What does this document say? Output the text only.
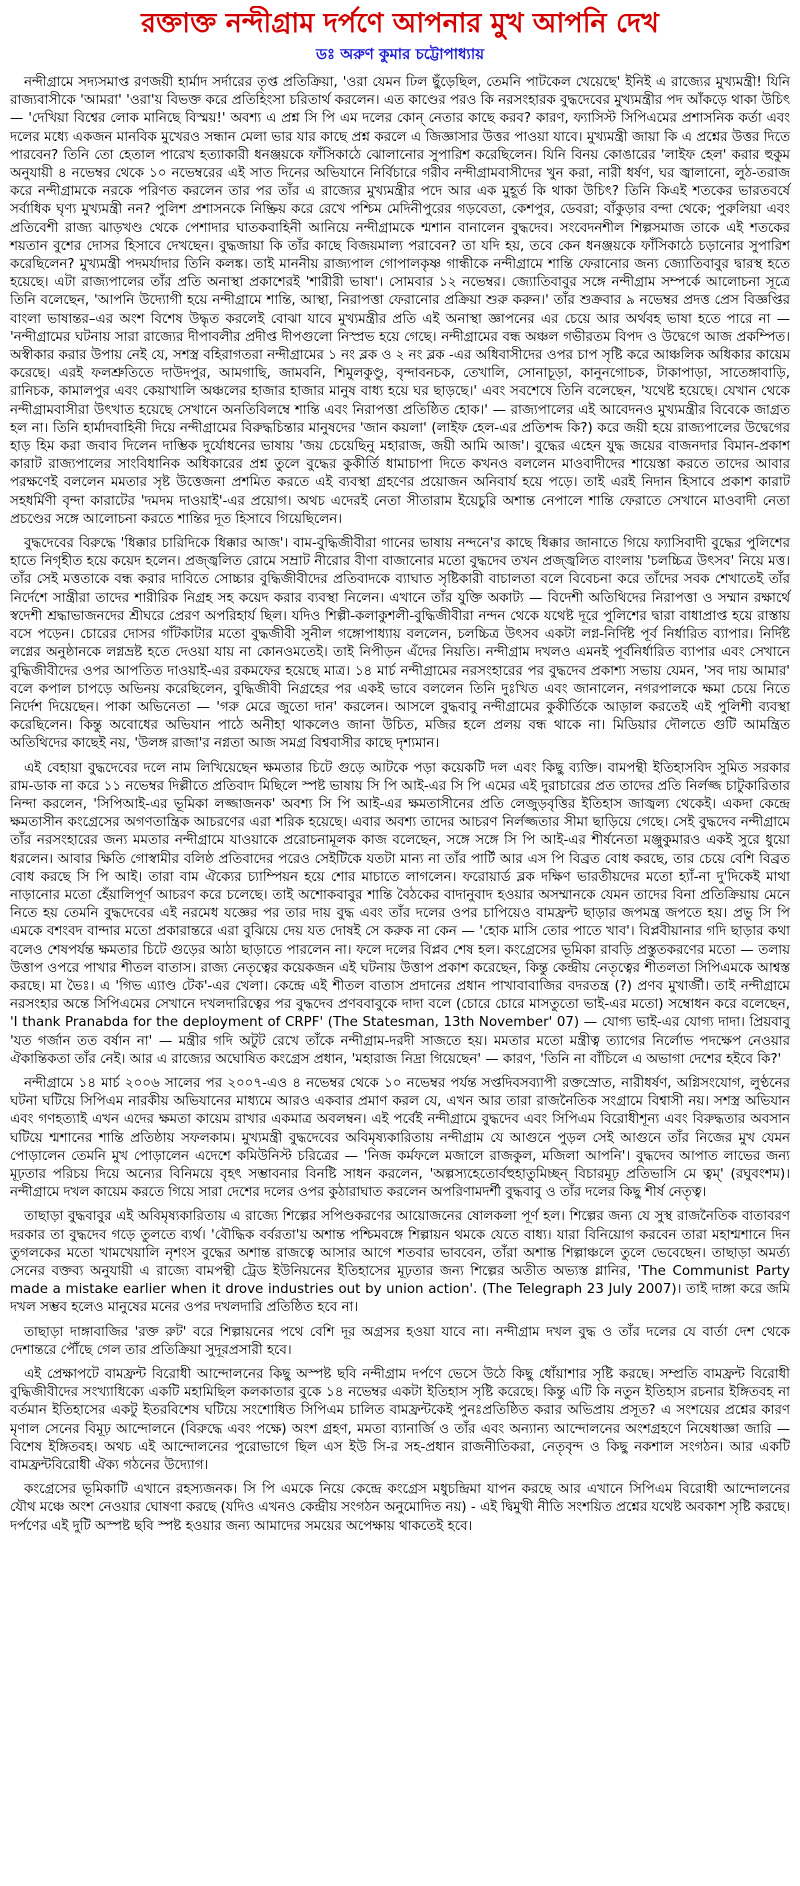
রক্তাক্ত নন্দীগ্রাম দর্পণে আপনার মুখ আপনি দেখ
ডঃ অরুণ কুমার চট্টোপাধ্যায়

নন্দীগ্রামে সদ্যসমাপ্ত রণজয়ী হার্মাদ সর্দারের তৃপ্ত প্রতিক্রিয়া, 'ওরা যেমন ঢিল ছুঁড়েছিল, তেমনি পাটকেল খেয়েছে' ইনিই এ রাজ্যের মুখ্যমন্ত্রী! যিনি রাজ্যবাসীকে 'আমরা' 'ওরা'য় বিভক্ত করে প্রতিহিংসা চরিতার্থ করলেন। এত কাণ্ডের পরও কি নরসংহারক বুদ্ধদেবের মুখ্যমন্ত্রীর পদ আঁকড়ে থাকা উচিৎ — 'দেখিয়া বিশ্বের লোক মানিছে বিস্ময়!' অবশ্য এ প্রশ্ন সি পি এম দলের কোন্ নেতার কাছে করব? কারণ, ফ্যাসিস্ট সিপিএমের প্রশাসনিক কর্তা এবং দলের মধ্যে একজন মানবিক মুখেরও সন্ধান মেলা ভার যার কাছে প্রশ্ন করলে এ জিজ্ঞাসার উত্তর পাওয়া যাবে। মুখ্যমন্ত্রী জায়া কি এ প্রশ্নের উত্তর দিতে পারবেন? তিনি তো হেতাল পারেখ হত্যাকারী ধনঞ্জয়কে ফাঁসিকাঠে ঝোলানোর সুপারিশ করেছিলেন। যিনি বিনয় কোঙারের 'লাইফ হেল' করার হুকুম অনুযায়ী ৪ নভেম্বর থেকে ১০ নভেম্বরের এই সাত দিনের অভিযানে নির্বিচারে গরীব নন্দীগ্রামবাসীদের খুন করা, নারী ধর্ষণ, ঘর জ্বালানো, লুঠ-তরাজ করে নন্দীগ্রামকে নরকে পরিণত করলেন তার পর তাঁর এ রাজ্যের মুখ্যমন্ত্রীর পদে আর এক মুহূর্ত কি থাকা উচিৎ? তিনি কিএই শতকের ভারতবর্ষে সর্বাধিক ঘৃণ্য মুখ্যমন্ত্রী নন? পুলিশ প্রশাসনকে নিষ্ক্রিয় করে রেখে পশ্চিম মেদিনীপুরের গড়বেতা, কেশপুর, ডেবরা; বাঁকুড়ার বন্দা থেকে; পুরুলিয়া এবং প্রতিবেশী রাজ্য ঝাড়খণ্ড থেকে পেশাদার ঘাতকবাহিনী আনিয়ে নন্দীগ্রামকে শ্মশান বানালেন বুদ্ধদেব। সংবেদনশীল শিল্পসমাজ তাকে এই শতকের শয়তান বুশের দোসর হিসাবে দেখছেন। বুদ্ধজায়া কি তাঁর কাছে বিজয়মাল্য পরাবেন? তা যদি হয়, তবে কেন ধনঞ্জয়কে ফাঁসিকাঠে চড়ানোর সুপারিশ করেছিলেন? মুখ্যমন্ত্রী পদমর্যাদার তিনি কলঙ্ক। তাই মাননীয় রাজ্যপাল গোপালকৃষ্ণ গান্ধীকে নন্দীগ্রামে শান্তি ফেরানোর জন্য জ্যোতিবাবুর দ্বারস্থ হতে হয়েছে। এটা রাজ্যপালের তাঁর প্রতি অনাস্থা প্রকাশেরই 'শারীরী ভাষা'। সোমবার ১২ নভেম্বর। জ্যোতিবাবুর সঙ্গে নন্দীগ্রাম সম্পর্কে আলোচনা সূত্রে তিনি বলেছেন, 'আপনি উদ্যোগী হয়ে নন্দীগ্রামে শান্তি, আস্থা, নিরাপত্তা ফেরানোর প্রক্রিয়া শুরু করুন।' তাঁর শুক্রবার ৯ নভেম্বর প্রদত্ত প্রেস বিজ্ঞপ্তির বাংলা ভাষান্তর–এর অংশ বিশেষ উদ্ধৃত করলেই বোঝা যাবে মুখ্যমন্ত্রীর প্রতি এই অনাস্থা জ্ঞাপনের এর চেয়ে আর অর্থবহ ভাষা হতে পারে না — 'নন্দীগ্রামের ঘটনায় সারা রাজ্যের দীপাবলীর প্রদীপ্ত দীপগুলো নিস্প্রভ হয়ে গেছে। নন্দীগ্রামের বন্ধ অঞ্চল গভীরতম বিপদ ও উদ্বেগে আজ প্রকম্পিত। অস্বীকার করার উপায় নেই যে, সশস্ত্র বহিরাগতরা নন্দীগ্রামের ১ নং ব্লক ও ২ নং ব্লক -এর অধিবাসীদের ওপর চাপ সৃষ্টি করে আঞ্চলিক অধিকার কায়েম করেছে। এরই ফলশ্রুতিতে দাউদপুর, আমগাছি, জামবনি, শিমুলকুণ্ডু, বৃন্দাবনচক, তেখালি, সোনাচূড়া, কানুনগোচক, টাকাপাড়া, সাতেঙ্গাবাড়ি, রানিচক, কামালপুর এবং কেয়াখালি অঞ্চলের হাজার হাজার মানুষ বাধ্য হয়ে ঘর ছাড়ছে।' এবং সবশেষে তিনি বলেছেন, 'যথেষ্ট হয়েছে। যেখান থেকে নন্দীগ্রামবাসীরা উৎখাত হয়েছে সেখানে অনতিবিলম্বে শান্তি এবং নিরাপত্তা প্রতিষ্ঠিত হোক।' — রাজ্যপালের এই আবেদনও মুখ্যমন্ত্রীর বিবেকে জাগ্রত হল না। তিনি হার্মাদবাহিনী দিয়ে নন্দীগ্রামের বিরুদ্ধচিন্তার মানুষদের 'জান কয়লা' (লাইফ হেল-এর প্রতিশব্দ কি?) করে জয়ী হয়ে রাজ্যপালের উদ্বেগের হাড় হিম করা জবাব দিলেন দাম্ভিক দুর্যোধনের ভাষায় 'জয় চেয়েছিনু মহারাজ, জয়ী আমি আজ'। বুদ্ধের এহেন যুদ্ধ জয়ের বাজনদার বিমান-প্রকাশ কারাট রাজ্যপালের সাংবিধানিক অধিকারের প্রশ্ন তুলে বুদ্ধের কুকীর্তি ধামাচাপা দিতে কখনও বললেন মাওবাদীদের শায়েস্তা করতে তাদের আবার পরক্ষণেই বললেন মমতার সৃষ্ট উত্তেজনা প্রশমিত করতে এই ব্যবস্থা গ্রহণের প্রয়োজন অনিবার্য হয়ে পড়ে। তাই এরই নিদান হিসাবে প্রকাশ কারাট সহধর্মিণী বৃন্দা কারাটের 'দমদম দাওয়াই'-এর প্রয়োগ। অথচ এদেরই নেতা সীতারাম ইয়েচুরি অশান্ত নেপালে শান্তি ফেরাতে সেখানে মাওবাদী নেতা প্রচণ্ডের সঙ্গে আলোচনা করতে শান্তির দূত হিসাবে গিয়েছিলেন।

বুদ্ধদেবের বিরুদ্ধে 'ধিক্কার চারিদিকে ধিক্কার আজ'। বাম-বুদ্ধিজীবীরা গানের ভাষায় নন্দনে'র কাছে ধিক্কার জানাতে গিয়ে ফ্যাসিবাদী বুদ্ধের পুলিশের হাতে নিগৃহীত হয়ে কয়েদ হলেন। প্রজ্জ্বলিত রোমে সম্রাট নীরোর বীণা বাজানোর মতো বুদ্ধদেব তখন প্রজ্জ্বলিত বাংলায় 'চলচ্চিত্র উৎসব' নিয়ে মত্ত। তাঁর সেই মত্ততাকে বন্ধ করার দাবিতে সোচ্চার বুদ্ধিজীবীদের প্রতিবাদকে ব্যাঘাত সৃষ্টিকারী বাচালতা বলে বিবেচনা করে তাঁদের সবক শেখাতেই তাঁর নির্দেশে সান্ত্রীরা তাদের শারীরিক নিগ্রহ সহ কয়েদ করার ব্যবস্থা নিলেন। এখানে তাঁর যুক্তি অকাট্য — বিদেশী অতিথিদের নিরাপত্তা ও সম্মান রক্ষার্থে স্বদেশী শ্রদ্ধাভাজনদের শ্রীঘরে প্রেরণ অপরিহার্য ছিল। যদিও শিল্পী-কলাকুশলী-বুদ্ধিজীবীরা নন্দন থেকে যথেষ্ট দূরে পুলিশের দ্বারা বাধাপ্রাপ্ত হয়ে রাস্তায় বসে পড়েন। চোরের দোসর গাঁটকাটার মতো বুদ্ধজীবী সুনীল গঙ্গোপাধ্যায় বললেন, চলচ্চিত্র উৎসব একটা লগ্ন-নির্দিষ্ট পূর্ব নির্ধারিত ব্যাপার। নির্দিষ্ট লগ্নের অনুষ্ঠানকে লগ্নভ্রষ্ট হতে দেওয়া যায় না কোনওমতেই। তাই নিপীড়ন এঁদের নিয়তি। নন্দীগ্রাম দখলও এমনই পূর্বনির্ধারিত ব্যাপার এবং সেখানে বুদ্ধিজীবীদের ওপর আপতিত দাওয়াই-এর রকমফের হয়েছে মাত্র। ১৪ মার্চ নন্দীগ্রামের নরসংহারের পর বুদ্ধদেব প্রকাশ্য সভায় যেমন, 'সব দায় আমার' বলে কপাল চাপড়ে অভিনয় করেছিলেন, বুদ্ধিজীবী নিগ্রহের পর একই ভাবে বললেন তিনি দুঃখিত এবং জানালেন, নগরপালকে ক্ষমা চেয়ে নিতে নির্দেশ দিয়েছেন। পাকা অভিনেতা — 'গরু মেরে জুতো দান' করলেন। আসলে বুদ্ধবাবু নন্দীগ্রামের কুকীর্তিকে আড়াল করতেই এই পুলিশী ব্যবস্থা করেছিলেন। কিন্তু অবোধের অভিযান পাঠে অনীহা থাকলেও জানা উচিত, মজির হলে প্রলয় বন্ধ থাকে না। মিডিয়ার দৌলতে গুটি আমন্ত্রিত অতিথিদের কাছেই নয়, 'উলঙ্গ রাজা'র নগ্নতা আজ সমগ্র বিশ্ববাসীর কাছে দৃশ্যমান।

এই বেহায়া বুদ্ধদেবের দলে নাম লিখিয়েছেন ক্ষমতার চিটে গুড়ে আটকে পড়া কয়েকটি দল এবং কিছু ব্যক্তি। বামপন্থী ইতিহাসবিদ সুমিত সরকার রাম-ডাক না করে ১১ নভেম্বর দিল্লীতে প্রতিবাদ মিছিলে স্পষ্ট ভাষায় সি পি আই-এর সি পি এমের এই দুরাচারের প্রত তাদের প্রতি নির্লজ্জ চাটুকারিতার নিন্দা করলেন, 'সিপিআই-এর ভূমিকা লজ্জাজনক' অবশ্য সি পি আই-এর ক্ষমতাসীনের প্রতি লেজুড়বৃত্তির ইতিহাস জাজ্বল্য থেকেই। একদা কেন্দ্রে ক্ষমতাসীন কংগ্রেসের অগণতান্ত্রিক আচরণের এরা শরিক হয়েছে। এবার অবশ্য তাদের আচরণ নির্লজ্জতার সীমা ছাড়িয়ে গেছে। সেই বুদ্ধদেব নন্দীগ্রামে তাঁর নরসংহারের জন্য মমতার নন্দীগ্রামে যাওয়াকে প্ররোচনামূলক কাজ বলেছেন, সঙ্গে সঙ্গে সি পি আই-এর শীর্ষনেতা মঞ্জুকুমারও একই সুরে ধুয়ো ধরলেন। আবার ক্ষিতি গোস্বামীর বলিষ্ঠ প্রতিবাদের পরেও সেইটিকে যতটা মান্য না তাঁর পার্টি আর এস পি বিব্রত বোধ করছে, তার চেয়ে বেশি বিব্রত বোধ করছে সি পি আই। তারা বাম ঐক্যের চ্যাম্পিয়ন হয়ে শোর মাচাতে লাগলেন। ফরোয়ার্ড ব্লক দক্ষিণ ভারতীয়দের মতো হ্যাঁ-না দু'দিকেই মাথা নাড়ানোর মতো হেঁয়ালিপূর্ণ আচরণ করে চলেছে। তাই অশোকবাবুর শান্তি বৈঠকের বাদানুবাদ হওয়ার অসম্মানকে যেমন তাদের বিনা প্রতিক্রিয়ায় মেনে নিতে হয় তেমনি বুদ্ধদেবের এই নরমেধ যজ্ঞের পর তার দায় বুদ্ধ এবং তাঁর দলের ওপর চাপিয়েও বামফ্রন্ট ছাড়ার জপমন্ত্র জপতে হয়। প্রভু সি পি এমকে বশংবদ বান্দার মতো প্রকারান্তরে এরা বুঝিয়ে দেয় যত দোষই সে করুক না কেন — 'হোক মাসি তোর পাতে খাব'। বিপ্লবীয়ানার গদি ছাড়ার কথা বলেও শেষপর্যন্ত ক্ষমতার চিটে গুড়ের আঠা ছাড়াতে পারলেন না। ফলে দলের বিপ্লব শেষ হল। কংগ্রেসের ভূমিকা রাবড়ি প্রস্তুতকরণের মতো — তলায় উত্তাপ ওপরে পাখার শীতল বাতাস। রাজ্য নেতৃত্বের কয়েকজন এই ঘটনায় উত্তাপ প্রকাশ করেছেন, কিন্তু কেন্দ্রীয় নেতৃত্বের শীতলতা সিপিএমকে আশ্বস্ত করছে। মা ভৈঃ। এ 'গিভ এ্যাণ্ড টেক'-এর খেলা। কেন্দ্রে এই শীতল বাতাস প্রদানের প্রধান পাখাবাবাজির বদরতন্ত্র (?) প্রণব মুখার্জী। তাই নন্দীগ্রামে নরসংহার অন্তে সিপিএমের সেখানে দখলদারিত্বের পর বুদ্ধদেব প্রণববাবুকে দাদা বলে (চোরে চোরে মাসতুতো ভাই-এর মতো) সম্বোধন করে বলেছেন, 'I thank Pranabda for the deployment of CRPF' (The Statesman, 13th November' 07) — যোগ্য ভাই-এর যোগ্য দাদা। প্রিয়বাবু 'যত গর্জান তত বর্ষান না' — মন্ত্রীর গদি অটুট রেখে তাঁকে নন্দীগ্রাম-দরদী সাজতে হয়। মমতার মতো মন্ত্রীত্ব ত্যাগের নির্লোভ পদক্ষেপ নেওয়ার ঐকান্তিকতা তাঁর নেই। আর এ রাজ্যের অঘোষিত কংগ্রেস প্রধান, 'মহারাজ নিদ্রা গিয়েছেন' — কারণ, 'তিনি না বাঁচিলে এ অভাগা দেশের হইবে কি?'

নন্দীগ্রামে ১৪ মার্চ ২০০৬ সালের পর ২০০৭-এও ৪ নভেম্বর থেকে ১০ নভেম্বর পর্যন্ত সপ্তদিবসব্যাপী রক্তস্রোত, নারীধর্ষণ, অগ্নিসংযোগ, লুণ্ঠনের ঘটনা ঘটিয়ে সিপিএম নারকীয় অভিযানের মাধ্যমে আরও একবার প্রমাণ করল যে, এখন আর তারা রাজনৈতিক সংগ্রামে বিশ্বাসী নয়। সশস্ত্র অভিযান এবং গণহত্যাই এখন এদের ক্ষমতা কায়েম রাখার একমাত্র অবলম্বন। এই পর্বেই নন্দীগ্রামে বুদ্ধদেব এবং সিপিএম বিরোধীশূন্য এবং বিরুদ্ধতার অবসান ঘটিয়ে শ্মশানের শান্তি প্রতিষ্ঠায় সফলকাম। মুখ্যমন্ত্রী বুদ্ধদেবের অবিমৃষ্যকারিতায় নন্দীগ্রাম যে আগুনে পুড়ল সেই আগুনে তাঁর নিজের মুখ যেমন পোড়ালেন তেমনি মুখ পোড়ালেন এদেশে কমিউনিস্ট চরিত্রের — 'নিজ কর্মফলে মজালে রাজকুল, মজিলা আপনি'। বুদ্ধদেব আপাত লাভের জন্য মূঢ়তার পরিচয় দিয়ে অন্যের বিনিময়ে বৃহৎ সম্ভাবনার বিনষ্টি সাধন করলেন, 'অল্পস্যহেতোর্বহুহাতুমিচ্ছন্ বিচারমূঢ় প্রতিভাসি মে ত্বম্' (রঘুবংশম)। নন্দীগ্রামে দখল কায়েম করতে গিয়ে সারা দেশের দলের ওপর কুঠারাঘাত করলেন অপরিণামদর্শী বুদ্ধবাবু ও তাঁর দলের কিছু শীর্ষ নেতৃত্ব।

তাছাড়া বুদ্ধবাবুর এই অবিমৃষ্যকারিতায় এ রাজ্যে শিল্পের সপিণ্ডকরণের আয়োজনের ষোলকলা পূর্ণ হল। শিল্পের জন্য যে সুস্থ রাজনৈতিক বাতাবরণ দরকার তা বুদ্ধদেব গড়ে তুলতে ব্যর্থ। 'বৌদ্ধিক বর্বরতা'য় অশান্ত পশ্চিমবঙ্গে শিল্পায়ন থমকে যেতে বাধ্য। যারা বিনিয়োগ করবেন তারা মহাশ্মশানে দিন তুগলকের মতো খামখেয়ালি নৃশংস বুদ্ধের অশান্ত রাজত্বে আসার আগে শতবার ভাববেন, তাঁরা অশান্ত শিল্পাঞ্চলে তুলে ভেবেছেন। তাছাড়া অমর্ত্য সেনের বক্তব্য অনুযায়ী এ রাজ্যে বামপন্থী ট্রেড ইউনিয়নের ইতিহাসের মূঢ়তার জন্য শিল্পের অতীত অভ্যস্ত গ্লানির, 'The Communist Party made a mistake earlier when it drove industries out by union action'. (The Telegraph 23 July 2007)। তাই দাঙ্গা করে জমি দখল সম্ভব হলেও মানুষের মনের ওপর দখলদারি প্রতিষ্ঠিত হবে না।

তাছাড়া দাঙ্গাবাজির 'রক্ত রুট' বরে শিল্পায়নের পথে বেশি দূর অগ্রসর হওয়া যাবে না। নন্দীগ্রাম দখল বুদ্ধ ও তাঁর দলের যে বার্তা দেশ থেকে দেশান্তরে পৌঁছে গেল তার প্রতিক্রিয়া সুদূরপ্রসারী হবে।

এই প্রেক্ষাপটে বামফ্রন্ট বিরোধী আন্দোলনের কিছু অস্পষ্ট ছবি নন্দীগ্রাম দর্পণে ভেসে উঠে কিছু ধোঁয়াশার সৃষ্টি করছে। সম্প্রতি বামফ্রন্ট বিরোধী বুদ্ধিজীবীদের সংখ্যাধিক্যে একটি মহামিছিল কলকাতার বুকে ১৪ নভেম্বর একটা ইতিহাস সৃষ্টি করেছে। কিন্তু এটি কি নতুন ইতিহাস রচনার ইঙ্গিতবহ না বর্তমান ইতিহাসের একটু ইতরবিশেষ ঘটিয়ে সংশোধিত সিপিএম চালিত বামফ্রন্টকেই পুনঃপ্রতিষ্ঠিত করার অভিপ্রায় প্রসূত? এ সংশয়ের প্রশ্নের কারণ মৃণাল সেনের বিমূঢ় আন্দোলনে (বিরুদ্ধে এবং পক্ষে) অংশ গ্রহণ, মমতা ব্যানার্জি ও তাঁর এবং অন্যান্য আন্দোলনের অংশগ্রহণে নিষেধাজ্ঞা জারি — বিশেষ ইঙ্গিতবহ। অথচ এই আন্দোলনের পুরোভাগে ছিল এস ইউ সি-র সহ-প্রধান রাজনীতিকরা, নেতৃবৃন্দ ও কিছু নকশাল সংগঠন। আর একটি বামফ্রন্টবিরোধী ঐক্য গঠনের উদ্যোগ।

কংগ্রেসের ভূমিকাটি এখানে রহস্যজনক। সি পি এমকে নিয়ে কেন্দ্রে কংগ্রেস মধুচন্দ্রিমা যাপন করছে আর এখানে সিপিএম বিরোধী আন্দোলনের যৌথ মঞ্চে অংশ নেওয়ার ঘোষণা করছে (যদিও এখনও কেন্দ্রীয় সংগঠন অনুমোদিত নয়) - এই দ্বিমুখী নীতি সংশয়িত প্রশ্নের যথেষ্ট অবকাশ সৃষ্টি করছে। দর্পণের এই দুটি অস্পষ্ট ছবি স্পষ্ট হওয়ার জন্য আমাদের সময়ের অপেক্ষায় থাকতেই হবে।
